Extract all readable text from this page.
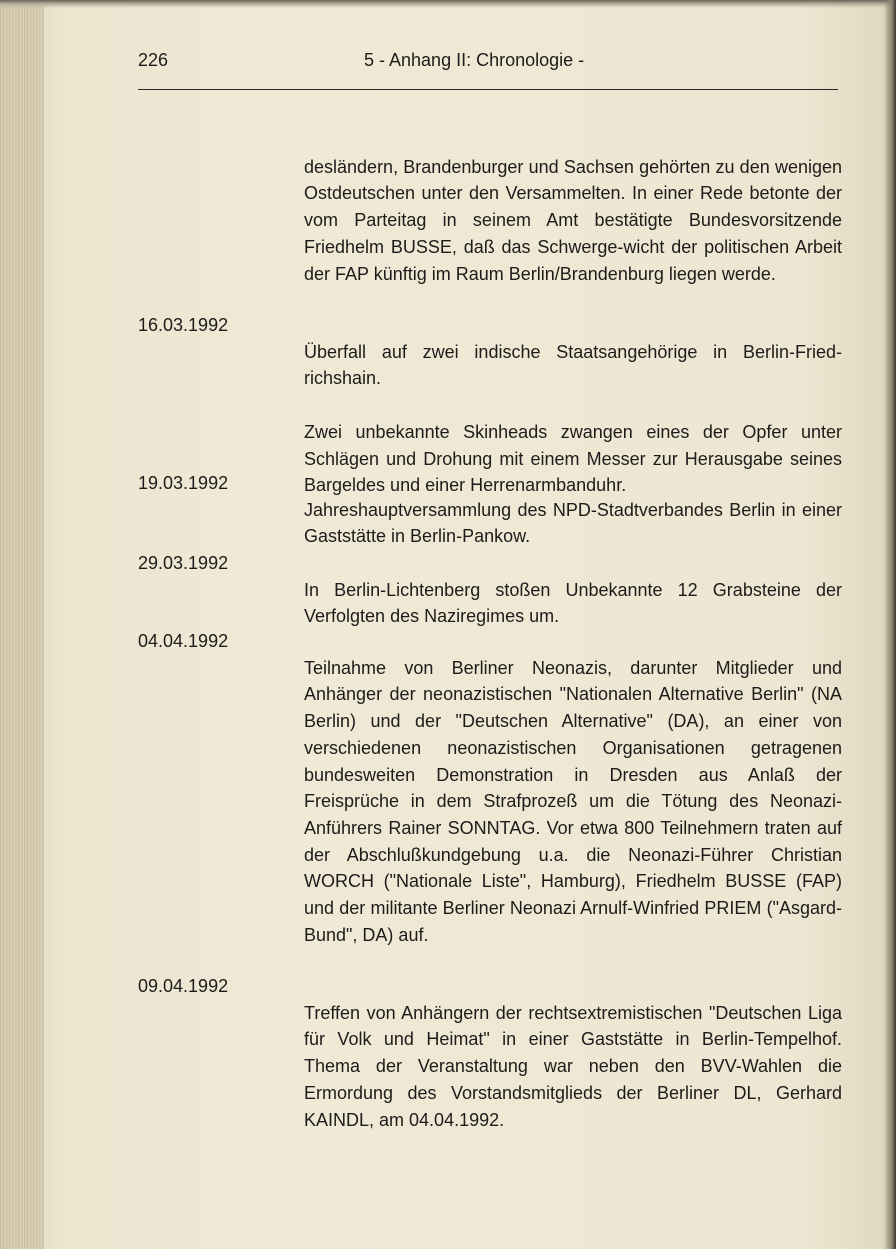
226	5 - Anhang II: Chronologie -

desländern, Brandenburger und Sachsen gehörten zu den wenigen Ostdeutschen unter den Versammelten. In einer Rede betonte der vom Parteitag in seinem Amt bestätigte Bundesvorsitzende Friedhelm BUSSE, daß das Schwerge-wicht der politischen Arbeit der FAP künftig im Raum Berlin/Brandenburg liegen werde.

16.03.1992

Überfall auf zwei indische Staatsangehörige in Berlin-Fried-richshain.

Zwei unbekannte Skinheads zwangen eines der Opfer unter Schlägen und Drohung mit einem Messer zur Herausgabe seines Bargeldes und einer Herrenarmbanduhr.

19.03.1992

Jahreshauptversammlung des NPD-Stadtverbandes Berlin in einer Gaststätte in Berlin-Pankow.

29.03.1992

In Berlin-Lichtenberg stoßen Unbekannte 12 Grabsteine der Verfolgten des Naziregimes um.

04.04.1992

Teilnahme von Berliner Neonazis, darunter Mitglieder und Anhänger der neonazistischen "Nationalen Alternative Berlin" (NA Berlin) und der "Deutschen Alternative" (DA), an einer von verschiedenen neonazistischen Organisationen getragenen bundesweiten Demonstration in Dresden aus Anlaß der Freisprüche in dem Strafprozeß um die Tötung des Neonazi-Anführers Rainer SONNTAG. Vor etwa 800 Teilnehmern traten auf der Abschlußkundgebung u.a. die Neonazi-Führer Christian WORCH ("Nationale Liste", Hamburg), Friedhelm BUSSE (FAP) und der militante Berliner Neonazi Arnulf-Winfried PRIEM ("Asgard-Bund", DA) auf.

09.04.1992

Treffen von Anhängern der rechtsextremistischen "Deutschen Liga für Volk und Heimat" in einer Gaststätte in Berlin-Tempelhof. Thema der Veranstaltung war neben den BVV-Wahlen die Ermordung des Vorstandsmitglieds der Berliner DL, Gerhard KAINDL, am 04.04.1992.
